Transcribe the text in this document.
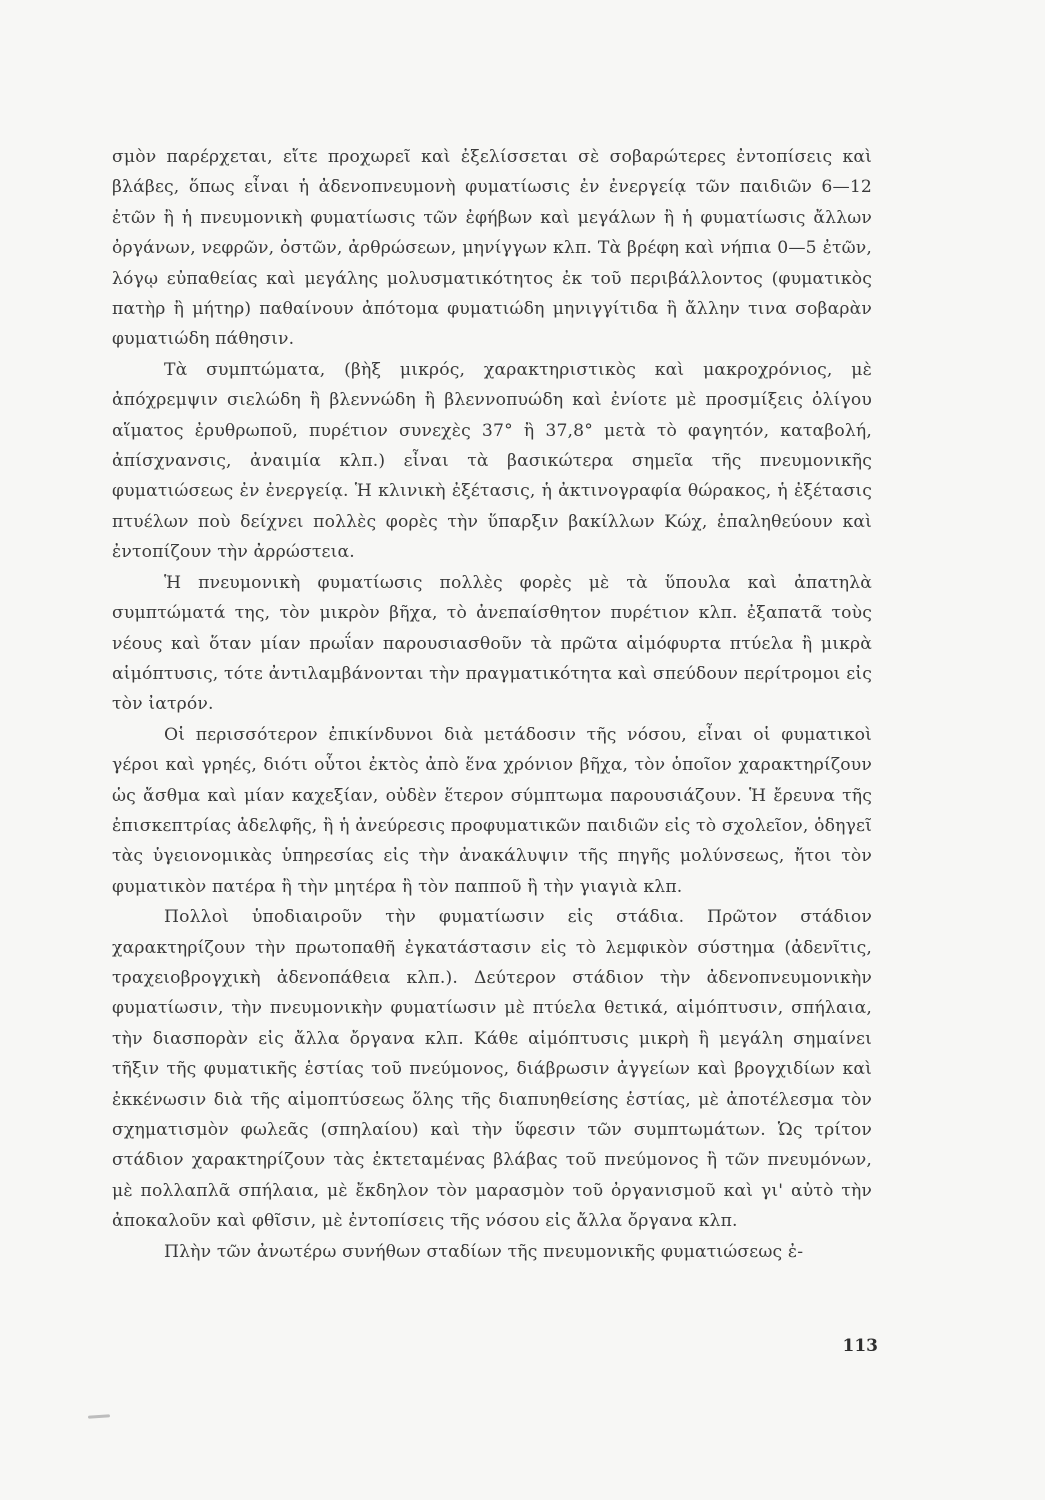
σμὸν παρέρχεται, εἴτε προχωρεῖ καὶ ἐξελίσσεται σὲ σοβαρώτερες ἐντοπίσεις καὶ βλάβες, ὅπως εἶναι ἡ ἀδενοπνευμονὴ φυματίωσις ἐν ἐνεργείᾳ τῶν παιδιῶν 6—12 ἐτῶν ἢ ἡ πνευμονικὴ φυματίωσις τῶν ἐφήβων καὶ μεγάλων ἢ ἡ φυματίωσις ἄλλων ὀργάνων, νεφρῶν, ὀστῶν, ἀρθρώσεων, μηνίγγων κλπ. Τὰ βρέφη καὶ νήπια 0—5 ἐτῶν, λόγῳ εὐπαθείας καὶ μεγάλης μολυσματικότητος ἐκ τοῦ περιβάλλοντος (φυματικὸς πατὴρ ἢ μήτηρ) παθαίνουν ἀπότομα φυματιώδη μηνιγγίτιδα ἢ ἄλλην τινα σοβαρὰν φυματιώδη πάθησιν.

Τὰ συμπτώματα, (βὴξ μικρός, χαρακτηριστικὸς καὶ μακροχρόνιος, μὲ ἀπόχρεμψιν σιελώδη ἢ βλεννώδη ἢ βλεννοπυώδη καὶ ἐνίοτε μὲ προσμίξεις ὀλίγου αἵματος ἐρυθρωποῦ, πυρέτιον συνεχὲς 37° ἢ 37,8° μετὰ τὸ φαγητόν, καταβολή, ἀπίσχνανσις, ἀναιμία κλπ.) εἶναι τὰ βασικώτερα σημεῖα τῆς πνευμονικῆς φυματιώσεως ἐν ἐνεργείᾳ. Ἡ κλινικὴ ἐξέτασις, ἡ ἀκτινογραφία θώρακος, ἡ ἐξέτασις πτυέλων ποὺ δείχνει πολλὲς φορὲς τὴν ὕπαρξιν βακίλλων Κώχ, ἐπαληθεύουν καὶ ἐντοπίζουν τὴν ἀρρώστεια.

Ἡ πνευμονικὴ φυματίωσις πολλὲς φορὲς μὲ τὰ ὕπουλα καὶ ἀπατηλὰ συμπτώματά της, τὸν μικρὸν βῆχα, τὸ ἀνεπαίσθητον πυρέτιον κλπ. ἐξαπατᾶ τοὺς νέους καὶ ὅταν μίαν πρωΐαν παρουσιασθοῦν τὰ πρῶτα αἱμόφυρτα πτύελα ἢ μικρὰ αἱμόπτυσις, τότε ἀντιλαμβάνονται τὴν πραγματικότητα καὶ σπεύδουν περίτρομοι εἰς τὸν ἰατρόν.

Οἱ περισσότερον ἐπικίνδυνοι διὰ μετάδοσιν τῆς νόσου, εἶναι οἱ φυματικοὶ γέροι καὶ γρηές, διότι οὗτοι ἐκτὸς ἀπὸ ἕνα χρόνιον βῆχα, τὸν ὁποῖον χαρακτηρίζουν ὡς ἄσθμα καὶ μίαν καχεξίαν, οὐδὲν ἕτερον σύμπτωμα παρουσιάζουν. Ἡ ἔρευνα τῆς ἐπισκεπτρίας ἀδελφῆς, ἢ ἡ ἀνεύρεσις προφυματικῶν παιδιῶν εἰς τὸ σχολεῖον, ὁδηγεῖ τὰς ὑγειονομικὰς ὑπηρεσίας εἰς τὴν ἀνακάλυψιν τῆς πηγῆς μολύνσεως, ἤτοι τὸν φυματικὸν πατέρα ἢ τὴν μητέρα ἢ τὸν παπποῦ ἢ τὴν γιαγιὰ κλπ.

Πολλοὶ ὑποδιαιροῦν τὴν φυματίωσιν εἰς στάδια. Πρῶτον στάδιον χαρακτηρίζουν τὴν πρωτοπαθῆ ἐγκατάστασιν εἰς τὸ λεμφικὸν σύστημα (ἀδενῖτις, τραχειοβρογχικὴ ἀδενοπάθεια κλπ.). Δεύτερον στάδιον τὴν ἀδενοπνευμονικὴν φυματίωσιν, τὴν πνευμονικὴν φυματίωσιν μὲ πτύελα θετικά, αἱμόπτυσιν, σπήλαια, τὴν διασπορὰν εἰς ἄλλα ὄργανα κλπ. Κάθε αἱμόπτυσις μικρὴ ἢ μεγάλη σημαίνει τῆξιν τῆς φυματικῆς ἑστίας τοῦ πνεύμονος, διάβρωσιν ἀγγείων καὶ βρογχιδίων καὶ ἐκκένωσιν διὰ τῆς αἱμοπτύσεως ὅλης τῆς διαπυηθείσης ἑστίας, μὲ ἀποτέλεσμα τὸν σχηματισμὸν φωλεᾶς (σπηλαίου) καὶ τὴν ὕφεσιν τῶν συμπτωμάτων. Ὡς τρίτον στάδιον χαρακτηρίζουν τὰς ἐκτεταμένας βλάβας τοῦ πνεύμονος ἢ τῶν πνευμόνων, μὲ πολλαπλᾶ σπήλαια, μὲ ἔκδηλον τὸν μαρασμὸν τοῦ ὀργανισμοῦ καὶ γι' αὐτὸ τὴν ἀποκαλοῦν καὶ φθῖσιν, μὲ ἐντοπίσεις τῆς νόσου εἰς ἄλλα ὄργανα κλπ.

Πλὴν τῶν ἀνωτέρω συνήθων σταδίων τῆς πνευμονικῆς φυματιώσεως ἐ-

113
